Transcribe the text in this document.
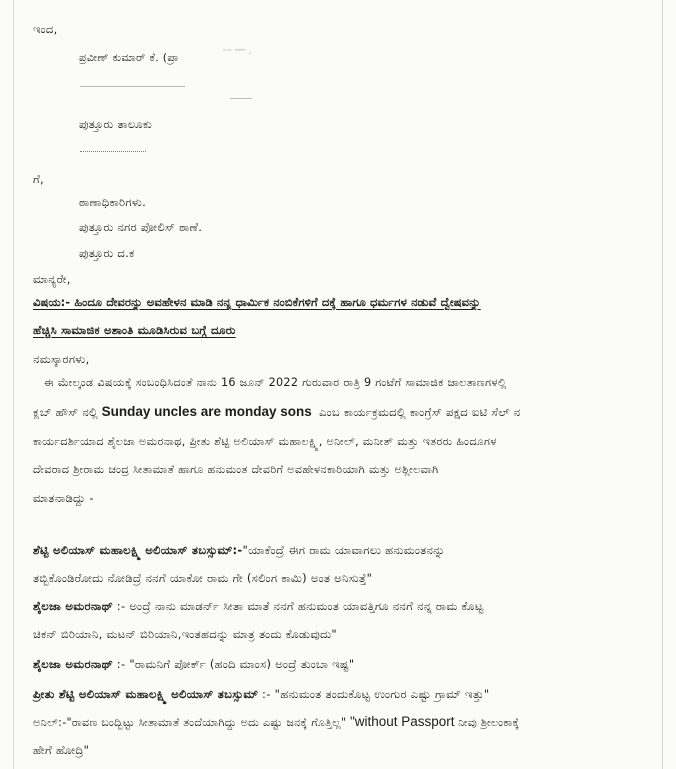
ಇಂದ,
ಪ್ರವೀಣ್ ಕುಮಾರ್ ಕೆ. (ಪ್ರಾ	˜˜ ‾‾ ·
ಪುತ್ತೂರು ತಾಲೂಕು
ಗೆ,
ಠಾಣಾಧಿಕಾರಿಗಳು.
ಪುತ್ತೂರು ನಗರ ಪೋಲಿಸ್ ಠಾಣೆ.
ಪುತ್ತೂರು ದ.ಕ
ಮಾನ್ಯರೇ,
ವಿಷಯ:- ಹಿಂದೂ ದೇವರನ್ನು ಅವಹೇಳನ ಮಾಡಿ ನನ್ನ ಧಾರ್ಮಿಕ ನಂಬಿಕೆಗಳಿಗೆ ದಕ್ಕೆ ಹಾಗೂ ಧರ್ಮಗಳ ನಡುವೆ ದ್ವೇಷವನ್ನು
ಹೆಚ್ಚಿಸಿ ಸಾಮಾಜಿಕ ಅಶಾಂತಿ ಮೂಡಿಸಿರುವ ಬಗ್ಗೆ ದೂರು
ನಮಸ್ಕಾರಗಳು,
ಈ ಮೇಲ್ಕಂಡ ವಿಷಯಕ್ಕೆ ಸಂಬಂಧಿಸಿದಂತೆ ನಾನು 16 ಜೂನ್ 2022 ಗುರುವಾರ ರಾತ್ರಿ 9 ಗಂಟೆಗೆ ಸಾಮಾಜಿಕ ಜಾಲತಾಣಗಳಲ್ಲಿ
ಕ್ಲಬ್ ಹೌಸ್ ನಲ್ಲಿ Sunday uncles are monday sons ಎಂಬ ಕಾರ್ಯಕ್ರಮದಲ್ಲಿ ಕಾಂಗ್ರೆಸ್ ಪಕ್ಷದ ಐಟಿ ಸೆಲ್ ನ
ಕಾರ್ಯದರ್ಶಿಯಾದ ಶೈಲಜಾ ಅಮರನಾಥ, ಪ್ರೀತು ಶೆಟ್ಟಿ ಅಲಿಯಾಸ್ ಮಹಾಲಕ್ಷ್ಮಿ, ಅನೀಲ್, ಮನೀತ್ ಮತ್ತು ಇತರರು ಹಿಂದೂಗಳ
ದೇವರಾದ ಶ್ರೀರಾಮ ಚಂದ್ರ ಸೀತಾಮಾತೆ ಹಾಗೂ ಹನುಮಂತ ದೇವರಿಗೆ ಅವಹೇಳನಕಾರಿಯಾಗಿ ಮತ್ತು ಅಶ್ಲೀಲವಾಗಿ
ಮಾತನಾಡಿದ್ದು -
ಶೆಟ್ಟಿ ಅಲಿಯಾಸ್ ಮಹಾಲಕ್ಷ್ಮಿ ಅಲಿಯಾಸ್ ತಬಸ್ಸುಮ್:-"ಯಾಕೆಂದ್ರೆ ಈಗ ರಾಮ ಯಾವಾಗಲು ಹನುಮಂತನನ್ನು
ತಬ್ಬಿಕೊಂಡಿರೋದು ನೋಡಿದ್ರೆ ನನಗೆ ಯಾಕೋ ರಾಮ ಗೇ (ಸಲಿಂಗ ಕಾಮಿ) ಅಂತ ಅನಿಸುತ್ತೆ"
ಶೈಲಜಾ ಅಮರನಾಥ್ :- ಅಂದ್ರೆ ನಾನು ಮಾಡರ್ನ್ ಸೀತಾ ಮಾತೆ ನನಗೆ ಹನುಮಂತ ಯಾವತ್ತಿಗೂ ನನಗೆ ನನ್ನ ರಾಮ ಕೊಟ್ಟ
ಚಿಕನ್ ಬಿರಿಯಾನಿ, ಮಟನ್ ಬಿರಿಯಾನಿ,ಇಂತಹದನ್ನು ಮಾತ್ರ ತಂದು ಕೊಡುವುದು"
ಶೈಲಜಾ ಅಮರನಾಥ್ :- "ರಾಮನಿಗೆ ಪೋರ್ಕ್ (ಹಂದಿ ಮಾಂಸ) ಅಂದ್ರೆ ತುಂಬಾ ಇಷ್ಟ"
ಪ್ರೀತು ಶೆಟ್ಟಿ ಅಲಿಯಾಸ್ ಮಹಾಲಕ್ಷ್ಮಿ ಅಲಿಯಾಸ್ ತಬಸ್ಸುಮ್ :- "ಹನುಮಂತ ತಂದುಕೊಟ್ಟ ಉಂಗುರ ಎಷ್ಟು ಗ್ರಾಮ್ ಇತ್ತು"
ಅನಿಲ್:-"ರಾವಣ ಬಂದ್ಬಿಟ್ಟು ಸೀತಾಮಾತೆ ತಂದೆಯಾಗಿದ್ದು ಅದು ಎಷ್ಟು ಜನಕ್ಕೆ ಗೊತ್ತಿಲ್ಲ" "without Passport ನೀವು ಶ್ರೀಲಂಕಾಕ್ಕೆ
ಹೇಗೆ ಹೋದ್ರಿ"
